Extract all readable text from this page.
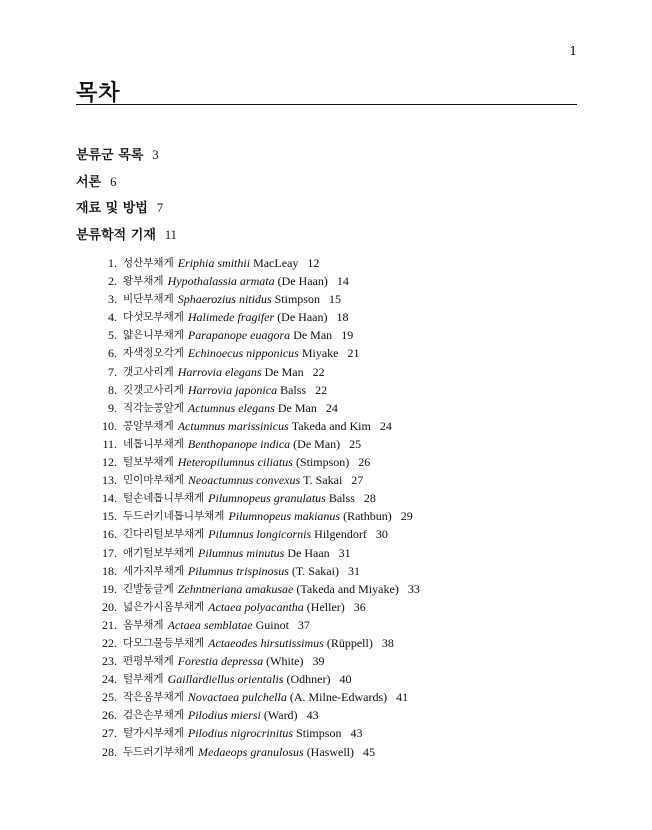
1
목차
분류군 목록 3
서론 6
재료 및 방법 7
분류학적 기재 11
1. 성산부채게 Eriphia smithii MacLeay 12
2. 왕부채게 Hypothalassia armata (De Haan) 14
3. 비단부채게 Sphaerozius nitidus Stimpson 15
4. 다섯모부채게 Halimede fragifer (De Haan) 18
5. 얇은니부채게 Parapanope euagora De Man 19
6. 자색정오각게 Echinoecus nipponicus Miyake 21
7. 갯고사리게 Harrovia elegans De Man 22
8. 깃갯고사리게 Harrovia japonica Balss 22
9. 직각눈콩알게 Actumnus elegans De Man 24
10. 콩알부채게 Actumnus marissinicus Takeda and Kim 24
11. 네톱니부채게 Benthopanope indica (De Man) 25
12. 털보부채게 Heteropilumnus ciliatus (Stimpson) 26
13. 민이마부채게 Neoactumnus convexus T. Sakai 27
14. 털손네톱니부채게 Pilumnopeus granulatus Balss 28
15. 두드러기네톱니부채게 Pilumnopeus makianus (Rathbun) 29
16. 긴다리털보부채게 Pilumnus longicornis Hilgendorf 30
17. 애기털보부채게 Pilumnus minutus De Haan 31
18. 세가지부채게 Pilumnus trispinosus (T. Sakai) 31
19. 긴발둥글게 Zehntneriana amakusae (Takeda and Miyake) 33
20. 넓은가시옴부채게 Actaea polyacantha (Heller) 36
21. 옴부채게 Actaea semblatae Guinot 37
22. 다모그물등부채게 Actaeodes hirsutissimus (Rüppell) 38
23. 편평부채게 Forestia depressa (White) 39
24. 털부채게 Gaillardiellus orientalis (Odhner) 40
25. 작은옴부채게 Novactaea pulchella (A. Milne-Edwards) 41
26. 검은손부채게 Pilodius miersi (Ward) 43
27. 털가시부채게 Pilodius nigrocrinitus Stimpson 43
28. 두드러기부채게 Medaeops granulosus (Haswell) 45
